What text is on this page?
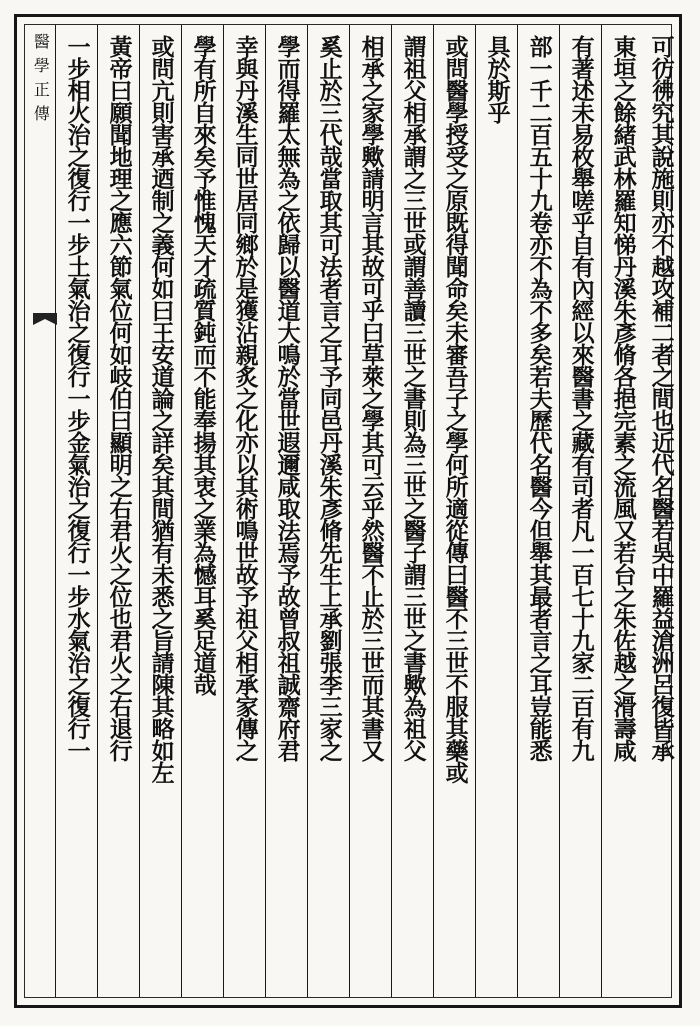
可彷彿究其說施則亦不越攻補二者之間也近代名醫若吳中羅益滄洲呂復皆承
東垣之餘緒武林羅知悌丹溪朱彥脩各挹完素之流風又若台之朱佐越之滑壽咸
有著述未易枚舉嗟乎自有內經以來醫書之藏有司者凡一百七十九家二百有九
部一千二百五十九卷亦不為不多矣若夫歷代名醫今但舉其最者言之耳豈能悉
具於斯乎
或問醫學授受之原既得聞命矣未審吾子之學何所適從傳曰醫不三世不服其藥或
謂祖父相承謂之三世或謂善讀三世之書則為三世之醫子謂三世之書歟為祖父
相承之家學歟請明言其故可乎曰草萊之學其可云乎然醫不止於三世而其書又
奚止於三代哉當取其可法者言之耳予同邑丹溪朱彥脩先生上承劉張李三家之
學而得羅太無為之依歸以醫道大鳴於當世遐邇咸取法焉予故曾叔祖誠齋府君
幸與丹溪生同世居同鄉於是獲沾親炙之化亦以其術鳴世故予祖父相承家傳之
學有所自來矣予惟愧天才疏質鈍而不能奉揚其衷之業為憾耳奚足道哉
或問亢則害承迺制之義何如曰王安道論之詳矣其間猶有未悉之旨請陳其略如左
黃帝曰願聞地理之應六節氣位何如岐伯曰顯明之右君火之位也君火之右退行
一步相火治之復行一步土氣治之復行一步金氣治之復行一步水氣治之復行一
醫學正傳
